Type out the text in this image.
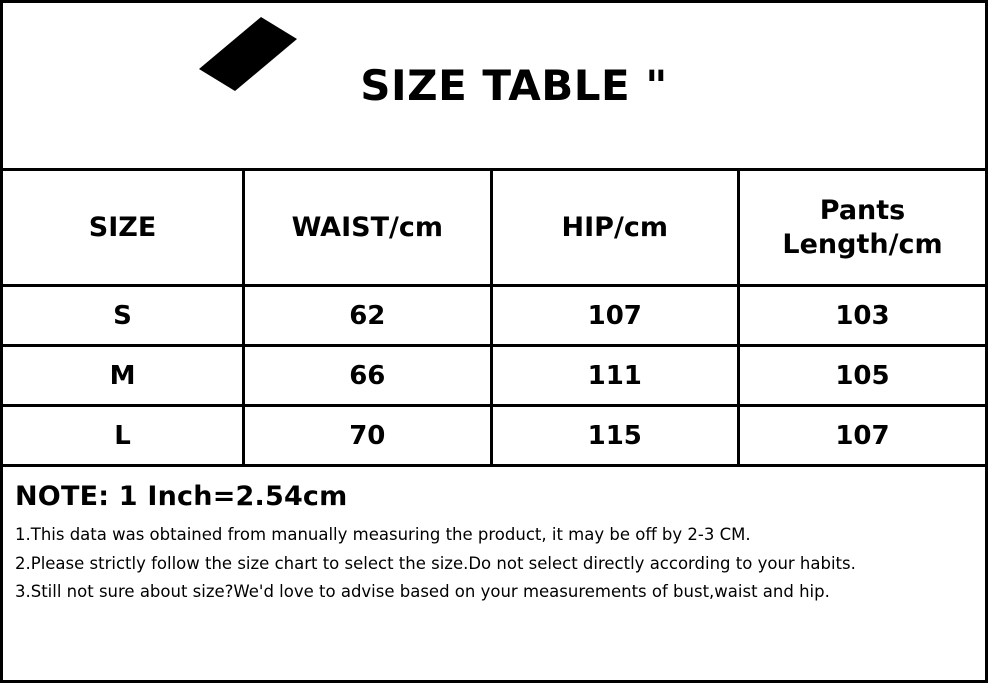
SIZE TABLE "
SIZE	WAIST/cm	HIP/cm	Pants
Length/cm
S	62	107	103
M	66	111	105
L	70	115	107
NOTE: 1 Inch=2.54cm

1.This data was obtained from manually measuring the product, it may be off by 2-3 CM.

2.Please strictly follow the size chart to select the size.Do not select directly according to your habits.

3.Still not sure about size?We'd love to advise based on your measurements of bust,waist and hip.
